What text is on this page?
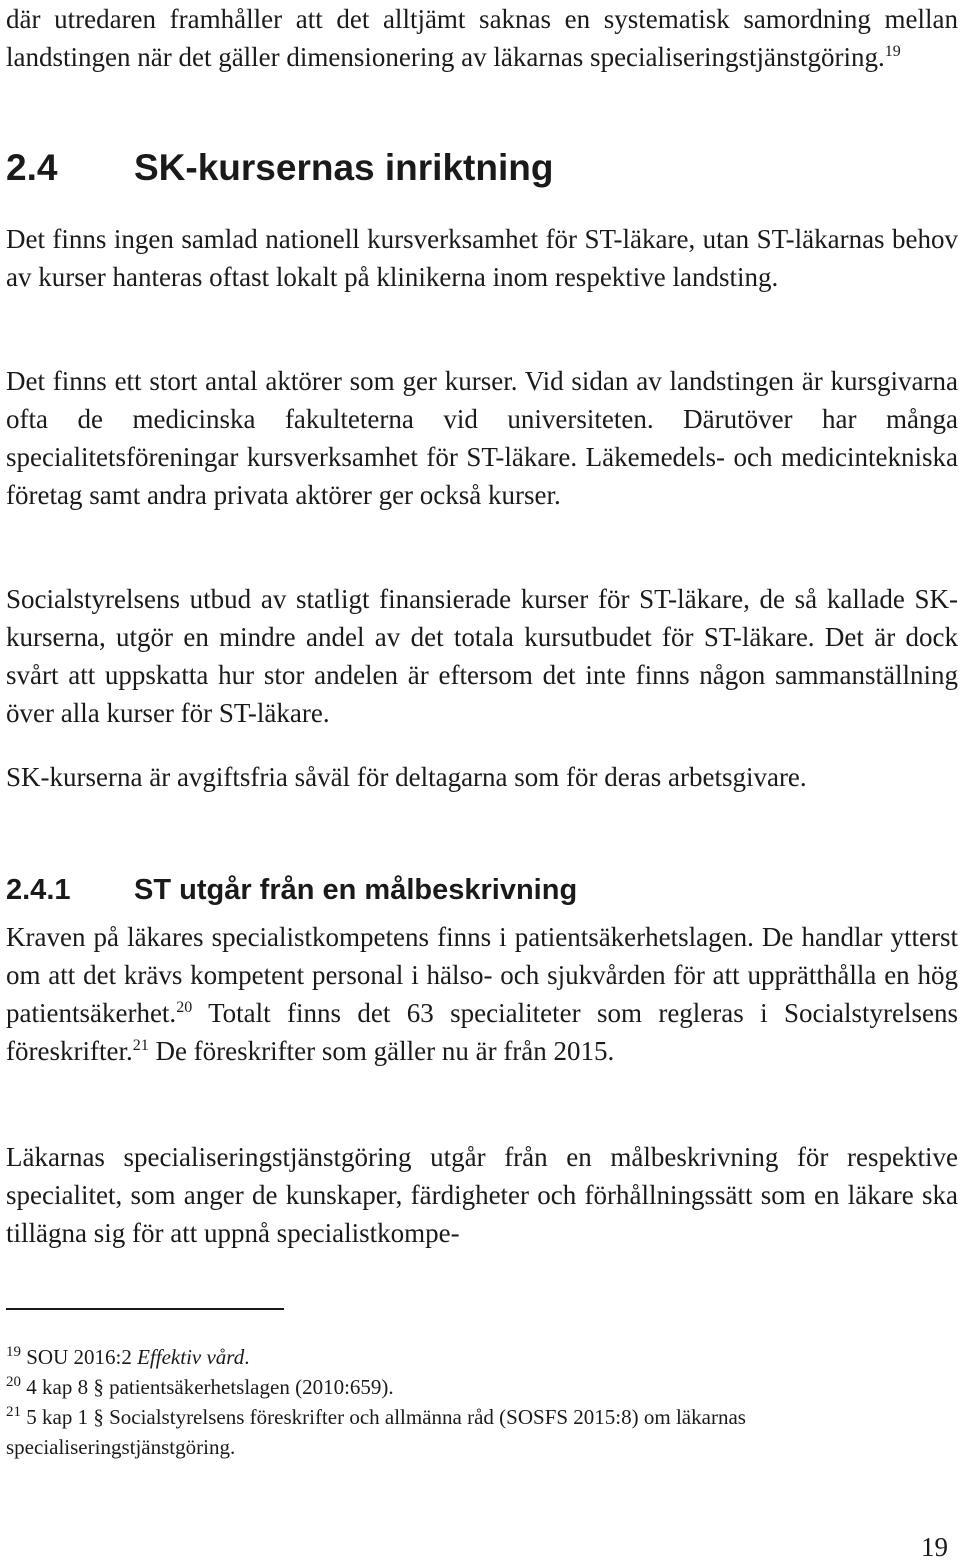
där utredaren framhåller att det alltjämt saknas en systematisk samordning mellan landstingen när det gäller dimensionering av läkarnas specialiseringstjänstgöring.$^{19}$

2.4 SK-kursernas inriktning

Det finns ingen samlad nationell kursverksamhet för ST-läkare, utan ST-läkarnas behov av kurser hanteras oftast lokalt på klinikerna inom respektive landsting.

Det finns ett stort antal aktörer som ger kurser. Vid sidan av landstingen är kursgivarna ofta de medicinska fakulteterna vid universiteten. Därutöver har många specialitetsföreningar kursverksamhet för ST-läkare. Läkemedels- och medicintekniska företag samt andra privata aktörer ger också kurser.

Socialstyrelsens utbud av statligt finansierade kurser för ST-läkare, de så kallade SK-kurserna, utgör en mindre andel av det totala kursutbudet för ST-läkare. Det är dock svårt att uppskatta hur stor andelen är eftersom det inte finns någon sammanställning över alla kurser för ST-läkare.

SK-kurserna är avgiftsfria såväl för deltagarna som för deras arbetsgivare.

2.4.1 ST utgår från en målbeskrivning

Kraven på läkares specialistkompetens finns i patientsäkerhetslagen. De handlar ytterst om att det krävs kompetent personal i hälso- och sjukvården för att upprätthålla en hög patientsäkerhet.$^{20}$ Totalt finns det 63 specialiteter som regleras i Socialstyrelsens föreskrifter.$^{21}$ De föreskrifter som gäller nu är från 2015.

Läkarnas specialiseringstjänstgöring utgår från en målbeskrivning för respektive specialitet, som anger de kunskaper, färdigheter och förhållningssätt som en läkare ska tillägna sig för att uppnå specialistkompe-

$^{19}$ SOU 2016:2 Effektiv vård.

$^{20}$ 4 kap 8 § patientsäkerhetslagen (2010:659).

$^{21}$ 5 kap 1 § Socialstyrelsens föreskrifter och allmänna råd (SOSFS 2015:8) om läkarnas specialiseringstjänstgöring.

19
